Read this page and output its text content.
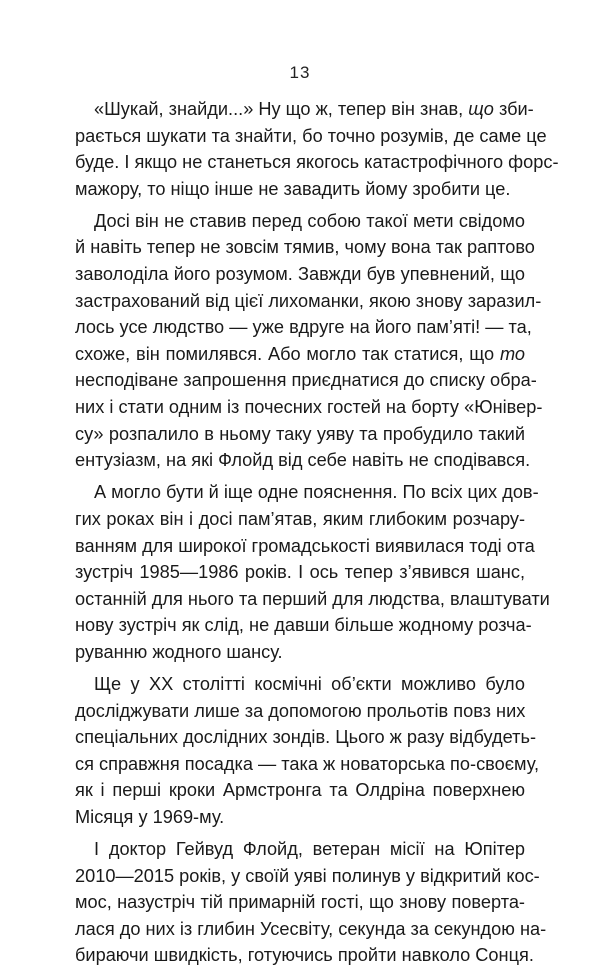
13

«Шукай, знайди...» Ну що ж, тепер він знав, що зби-
рається шукати та знайти, бо точно розумів, де саме це
буде. І якщо не станеться якогось катастрофічного форс-
мажору, то ніщо інше не завадить йому зробити це.

Досі він не ставив перед собою такої мети свідомо
й навіть тепер не зовсім тямив, чому вона так раптово
заволоділа його розумом. Завжди був упевнений, що
застрахований від цієї лихоманки, якою знову заразил-
лось усе людство — уже вдруге на його пам’яті! — та,
схоже, він помилявся. Або могло так статися, що то
несподіване запрошення приєднатися до списку обра-
них і стати одним із почесних гостей на борту «Юнівер-
су» розпалило в ньому таку уяву та пробудило такий
ентузіазм, на які Флойд від себе навіть не сподівався.

А могло бути й іще одне пояснення. По всіх цих дов-
гих роках він і досі пам’ятав, яким глибоким розчару-
ванням для широкої громадськості виявилася тоді ота
зустріч 1985—1986 років. І ось тепер з’явився шанс,
останній для нього та перший для людства, влаштувати
нову зустріч як слід, не давши більше жодному розча-
руванню жодного шансу.

Ще у ХХ столітті космічні об’єкти можливо було
досліджувати лише за допомогою прольотів повз них
спеціальних дослідних зондів. Цього ж разу відбудеть-
ся справжня посадка — така ж новаторська по-своєму,
як і перші кроки Армстронга та Олдріна поверхнею
Місяця у 1969-му.

І доктор Гейвуд Флойд, ветеран місії на Юпітер
2010—2015 років, у своїй уяві полинув у відкритий кос-
мос, назустріч тій примарній гості, що знову поверта-
лася до них із глибин Усесвіту, секунда за секундою на-
бираючи швидкість, готуючись пройти навколо Сонця.
